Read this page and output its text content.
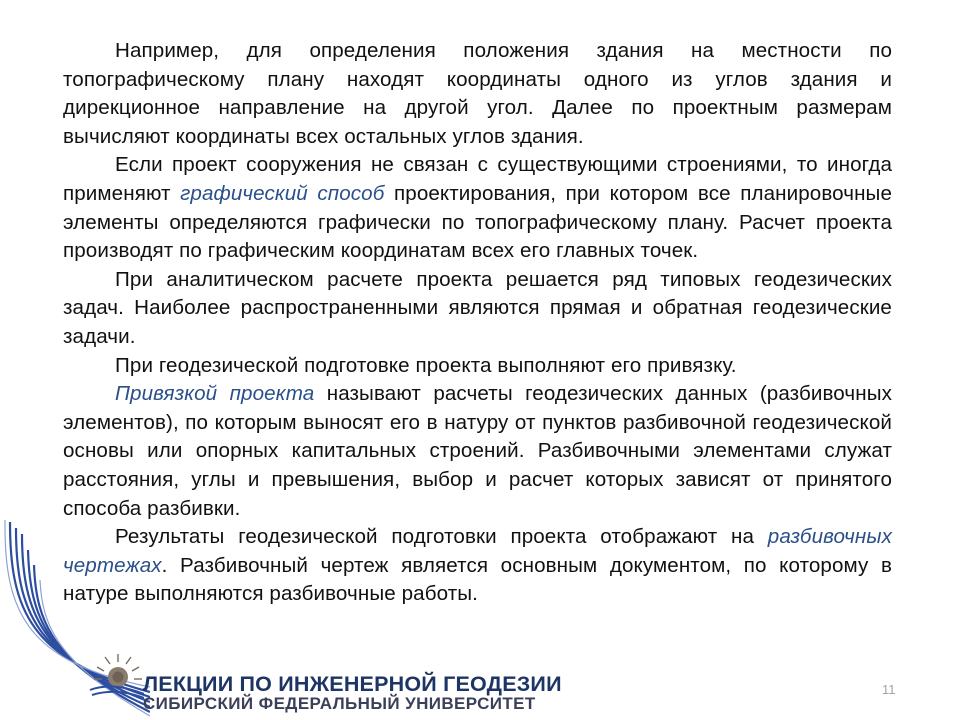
Например, для определения положения здания на местности по топографическому плану находят координаты одного из углов здания и дирекционное направление на другой угол. Далее по проектным размерам вычисляют координаты всех остальных углов здания.

Если проект сооружения не связан с существующими строениями, то иногда применяют графический способ проектирования, при котором все планировочные элементы определяются графически по топографическому плану. Расчет проекта производят по графическим координатам всех его главных точек.

При аналитическом расчете проекта решается ряд типовых геодезических задач. Наиболее распространенными являются прямая и обратная геодезические задачи.

При геодезической подготовке проекта выполняют его привязку.

Привязкой проекта называют расчеты геодезических данных (разбивочных элементов), по которым выносят его в натуру от пунктов разбивочной геодезической основы или опорных капитальных строений. Разбивочными элементами служат расстояния, углы и превышения, выбор и расчет которых зависят от принятого способа разбивки.

Результаты геодезической подготовки проекта отображают на разбивочных чертежах. Разбивочный чертеж является основным документом, по которому в натуре выполняются разбивочные работы.

ЛЕКЦИИ ПО ИНЖЕНЕРНОЙ ГЕОДЕЗИИ
СИБИРСКИЙ ФЕДЕРАЛЬНЫЙ УНИВЕРСИТЕТ
11
